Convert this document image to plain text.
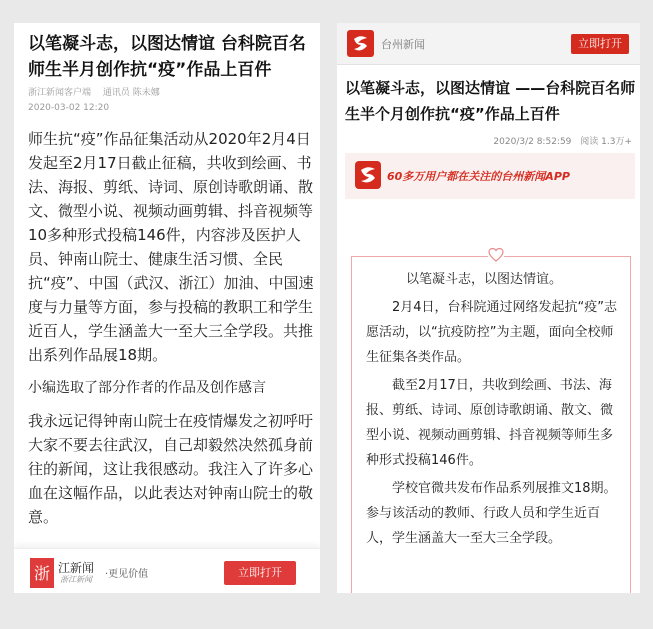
以笔凝斗志，以图达情谊 台科院百名师生半月创作抗“疫”作品上百件
浙江新闻客户端 通讯员 陈未娜
2020-03-02 12:20

师生抗“疫”作品征集活动从2020年2月4日发起至2月17日截止征稿，共收到绘画、书法、海报、剪纸、诗词、原创诗歌朗诵、散文、微型小说、视频动画剪辑、抖音视频等10多种形式投稿146件，内容涉及医护人员、钟南山院士、健康生活习惯、全民抗“疫”、中国（武汉、浙江）加油、中国速度与力量等方面，参与投稿的教职工和学生近百人，学生涵盖大一至大三全学段。共推出系列作品展18期。

小编选取了部分作者的作品及创作感言

我永远记得钟南山院士在疫情爆发之初呼吁大家不要去往武汉，自己却毅然决然孤身前往的新闻，这让我很感动。我注入了许多心血在这幅作品，以此表达对钟南山院士的敬意。

浙 江新闻
浙江新闻 ·更见价值	立即打开
台州新闻	立即打开
以笔凝斗志，以图达情谊 ——台科院百名师生半个月创作抗“疫”作品上百件
2020/3/2 8:52:59 阅读 1.3万+
60多万用户都在关注的台州新闻APP

以笔凝斗志，以图达情谊。

2月4日，台科院通过网络发起抗“疫”志愿活动，以“抗疫防控”为主题，面向全校师生征集各类作品。

截至2月17日，共收到绘画、书法、海报、剪纸、诗词、原创诗歌朗诵、散文、微型小说、视频动画剪辑、抖音视频等师生多种形式投稿146件。

学校官微共发布作品系列展推文18期。参与该活动的教师、行政人员和学生近百人，学生涵盖大一至大三全学段。
